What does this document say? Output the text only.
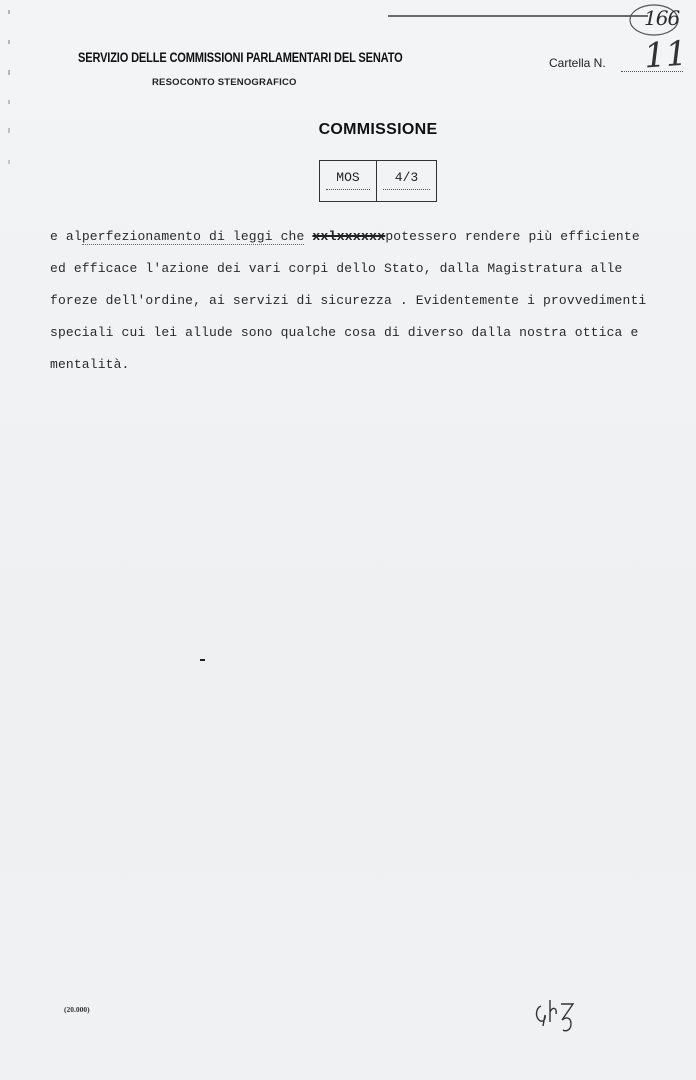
166
SERVIZIO DELLE COMMISSIONI PARLAMENTARI DEL SENATO
RESOCONTO STENOGRAFICO
Cartella N. 11
COMMISSIONE
MOS	4/3
e alperfezionamento di leggi che xxlxxxxxxpotessero rendere più efficiente
ed efficace l'azione dei vari corpi dello Stato, dalla Magistratura alle
foreze dell'ordine, ai servizi di sicurezza . Evidentemente i provvedimenti
speciali cui lei allude sono qualche cosa di diverso dalla nostra ottica e
mentalità.
(20.000)
